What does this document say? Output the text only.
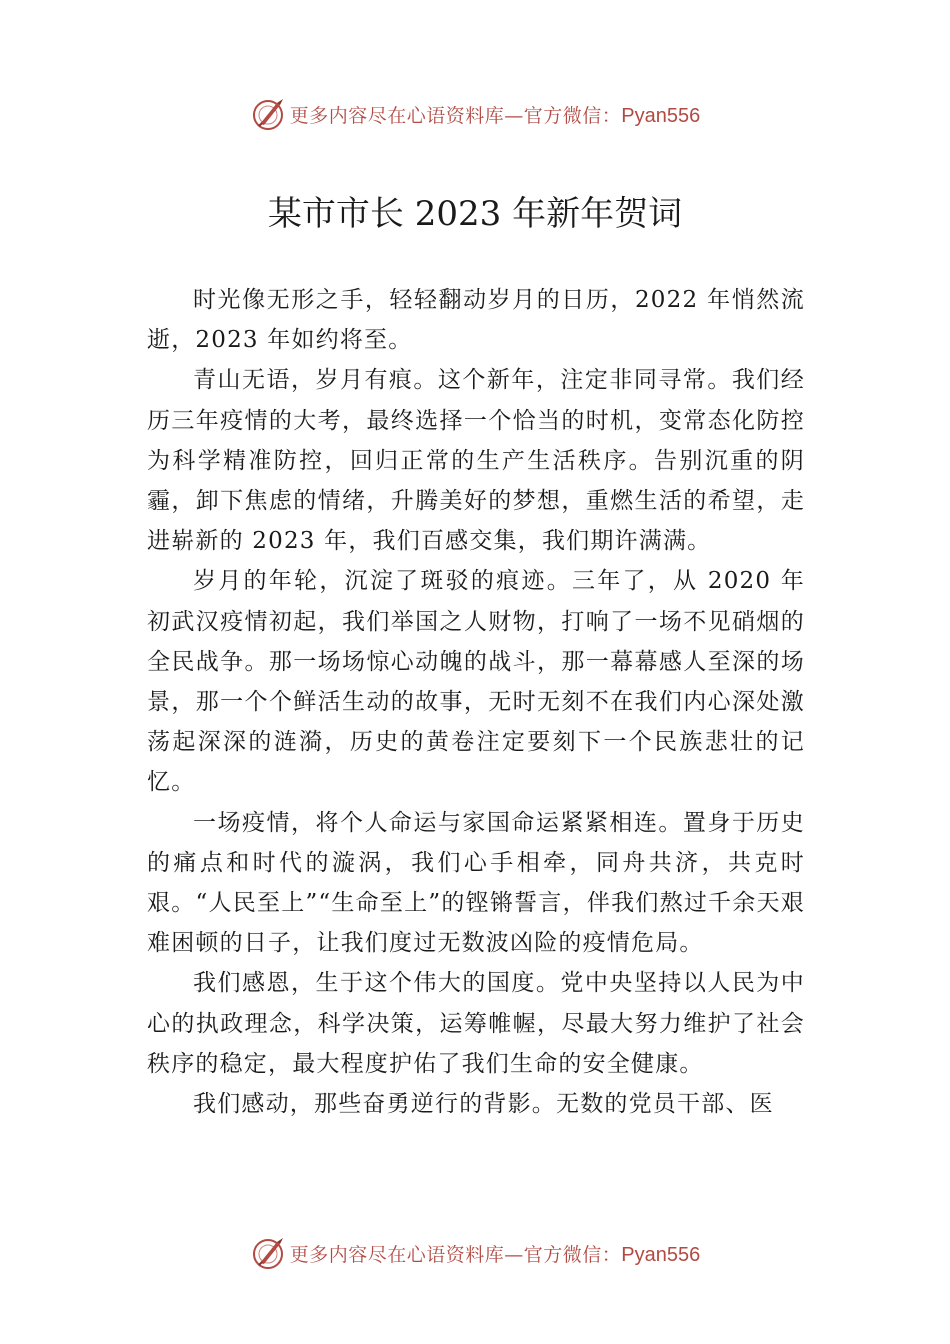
更多内容尽在心语资料库—官方微信：Pyan556
某市市长 2023 年新年贺词

时光像无形之手，轻轻翻动岁月的日历，2022 年悄然流逝，2023 年如约将至。

青山无语，岁月有痕。这个新年，注定非同寻常。我们经历三年疫情的大考，最终选择一个恰当的时机，变常态化防控为科学精准防控，回归正常的生产生活秩序。告别沉重的阴霾，卸下焦虑的情绪，升腾美好的梦想，重燃生活的希望，走进崭新的 2023 年，我们百感交集，我们期许满满。

岁月的年轮，沉淀了斑驳的痕迹。三年了，从 2020 年初武汉疫情初起，我们举国之人财物，打响了一场不见硝烟的全民战争。那一场场惊心动魄的战斗，那一幕幕感人至深的场景，那一个个鲜活生动的故事，无时无刻不在我们内心深处激荡起深深的涟漪，历史的黄卷注定要刻下一个民族悲壮的记忆。

一场疫情，将个人命运与家国命运紧紧相连。置身于历史的痛点和时代的漩涡，我们心手相牵，同舟共济，共克时艰。“人民至上”“生命至上”的铿锵誓言，伴我们熬过千余天艰难困顿的日子，让我们度过无数波凶险的疫情危局。

我们感恩，生于这个伟大的国度。党中央坚持以人民为中心的执政理念，科学决策，运筹帷幄，尽最大努力维护了社会秩序的稳定，最大程度护佑了我们生命的安全健康。

我们感动，那些奋勇逆行的背影。无数的党员干部、医

更多内容尽在心语资料库—官方微信：Pyan556
